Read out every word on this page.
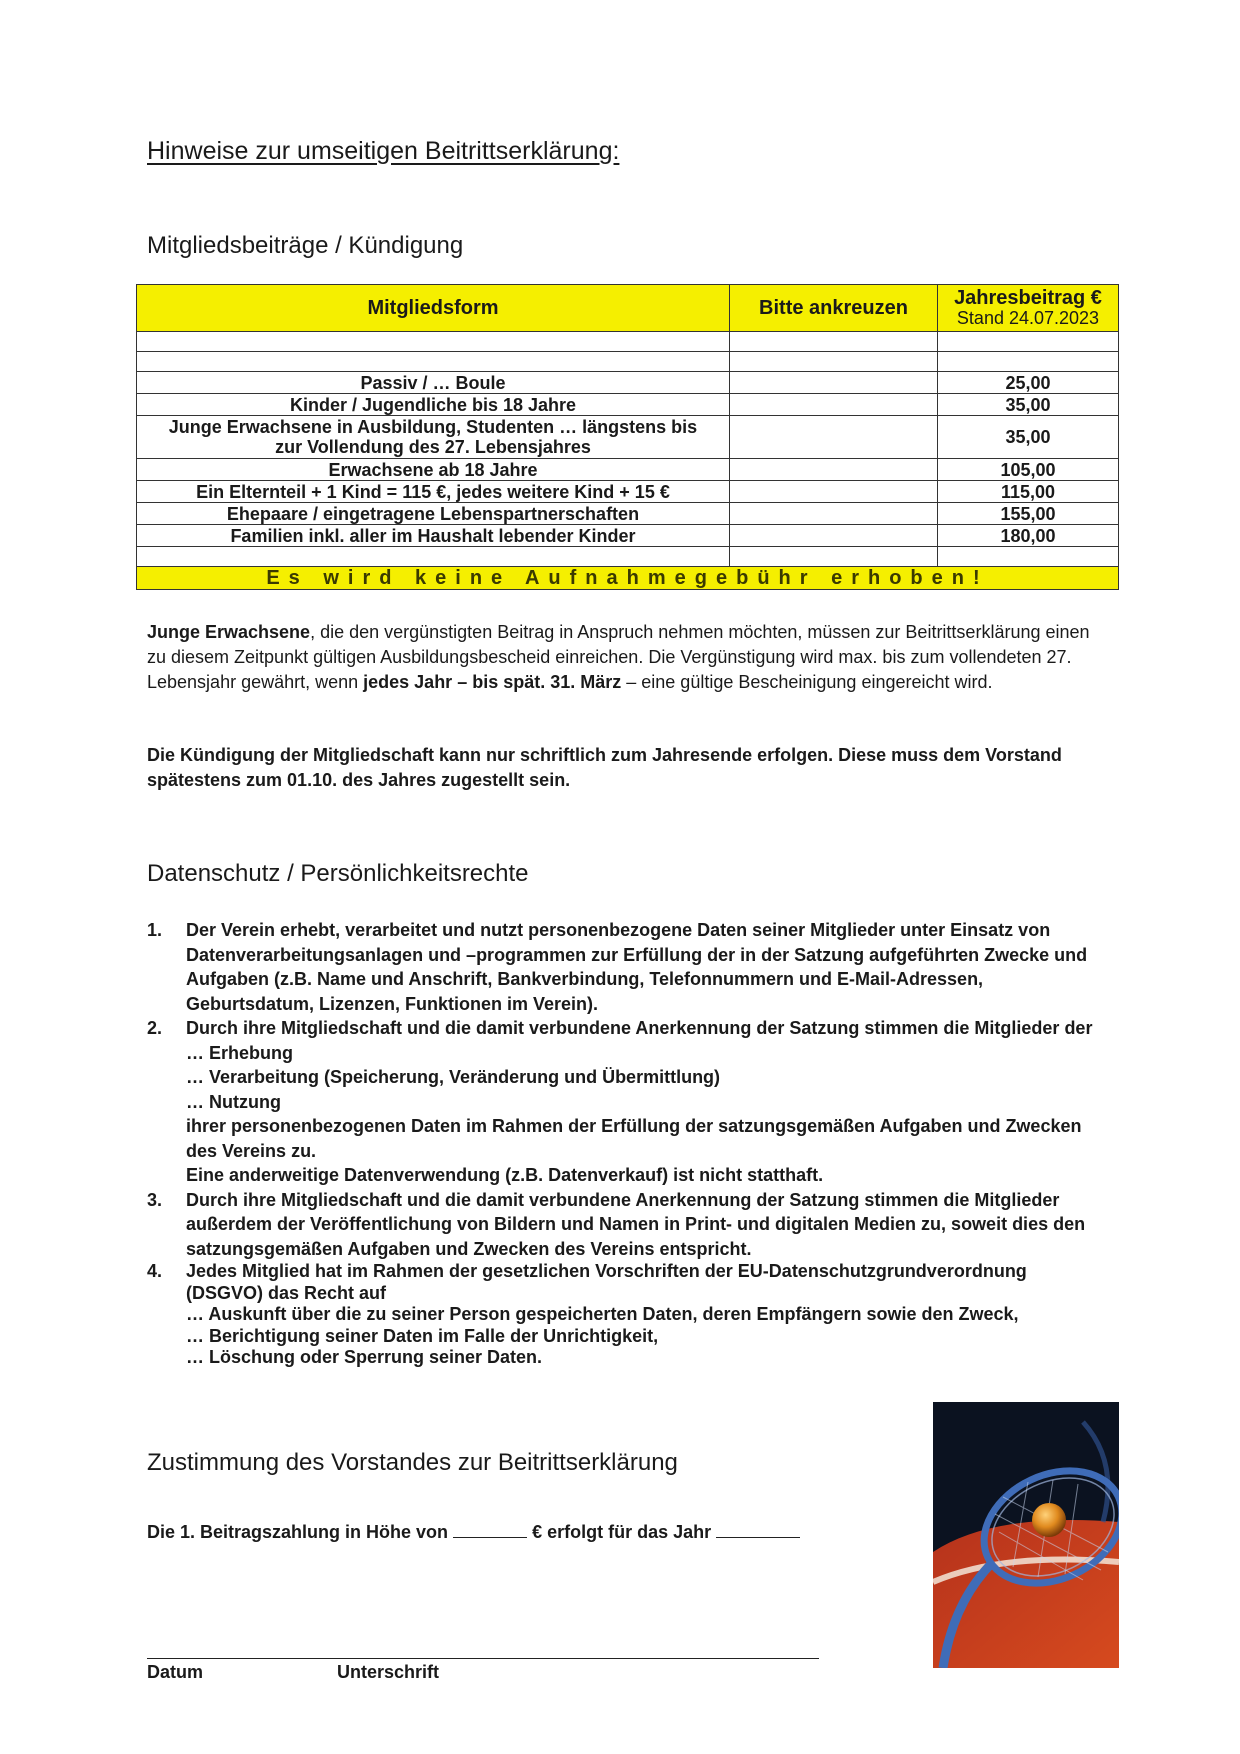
Hinweise zur umseitigen Beitrittserklärung:
Mitgliedsbeiträge / Kündigung
Mitgliedsform	Bitte ankreuzen	Jahresbeitrag €
Stand 24.07.2023

Passiv / … Boule		25,00
Kinder / Jugendliche bis 18 Jahre		35,00
Junge Erwachsene in Ausbildung, Studenten … längstens bis
zur Vollendung des 27. Lebensjahres		35,00
Erwachsene ab 18 Jahre		105,00
Ein Elternteil + 1 Kind = 115 €, jedes weitere Kind + 15 €		115,00
Ehepaare / eingetragene Lebenspartnerschaften		155,00
Familien inkl. aller im Haushalt lebender Kinder		180,00

Es wird keine Aufnahmegebühr erhoben!		
Junge Erwachsene, die den vergünstigten Beitrag in Anspruch nehmen möchten, müssen zur Beitrittserklärung einen zu diesem Zeitpunkt gültigen Ausbildungsbescheid einreichen. Die Vergünstigung wird max. bis zum vollendeten 27. Lebensjahr gewährt, wenn jedes Jahr – bis spät. 31. März – eine gültige Bescheinigung eingereicht wird.
Die Kündigung der Mitgliedschaft kann nur schriftlich zum Jahresende erfolgen. Diese muss dem Vorstand spätestens zum 01.10. des Jahres zugestellt sein.
Datenschutz / Persönlichkeitsrechte
1. Der Verein erhebt, verarbeitet und nutzt personenbezogene Daten seiner Mitglieder unter Einsatz von Datenverarbeitungsanlagen und –programmen zur Erfüllung der in der Satzung aufgeführten Zwecke und Aufgaben (z.B. Name und Anschrift, Bankverbindung, Telefonnummern und E-Mail-Adressen, Geburtsdatum, Lizenzen, Funktionen im Verein).
2. Durch ihre Mitgliedschaft und die damit verbundene Anerkennung der Satzung stimmen die Mitglieder der
… Erhebung
… Verarbeitung (Speicherung, Veränderung und Übermittlung)
… Nutzung
ihrer personenbezogenen Daten im Rahmen der Erfüllung der satzungsgemäßen Aufgaben und Zwecken des Vereins zu.
Eine anderweitige Datenverwendung (z.B. Datenverkauf) ist nicht statthaft.
3. Durch ihre Mitgliedschaft und die damit verbundene Anerkennung der Satzung stimmen die Mitglieder außerdem der Veröffentlichung von Bildern und Namen in Print- und digitalen Medien zu, soweit dies den satzungsgemäßen Aufgaben und Zwecken des Vereins entspricht.
4. Jedes Mitglied hat im Rahmen der gesetzlichen Vorschriften der EU-Datenschutzgrundverordnung (DSGVO) das Recht auf
… Auskunft über die zu seiner Person gespeicherten Daten, deren Empfängern sowie den Zweck,
… Berichtigung seiner Daten im Falle der Unrichtigkeit,
… Löschung oder Sperrung seiner Daten.
Zustimmung des Vorstandes zur Beitrittserklärung
Die 1. Beitragszahlung in Höhe von	€ erfolgt für das Jahr
Datum	Unterschrift
